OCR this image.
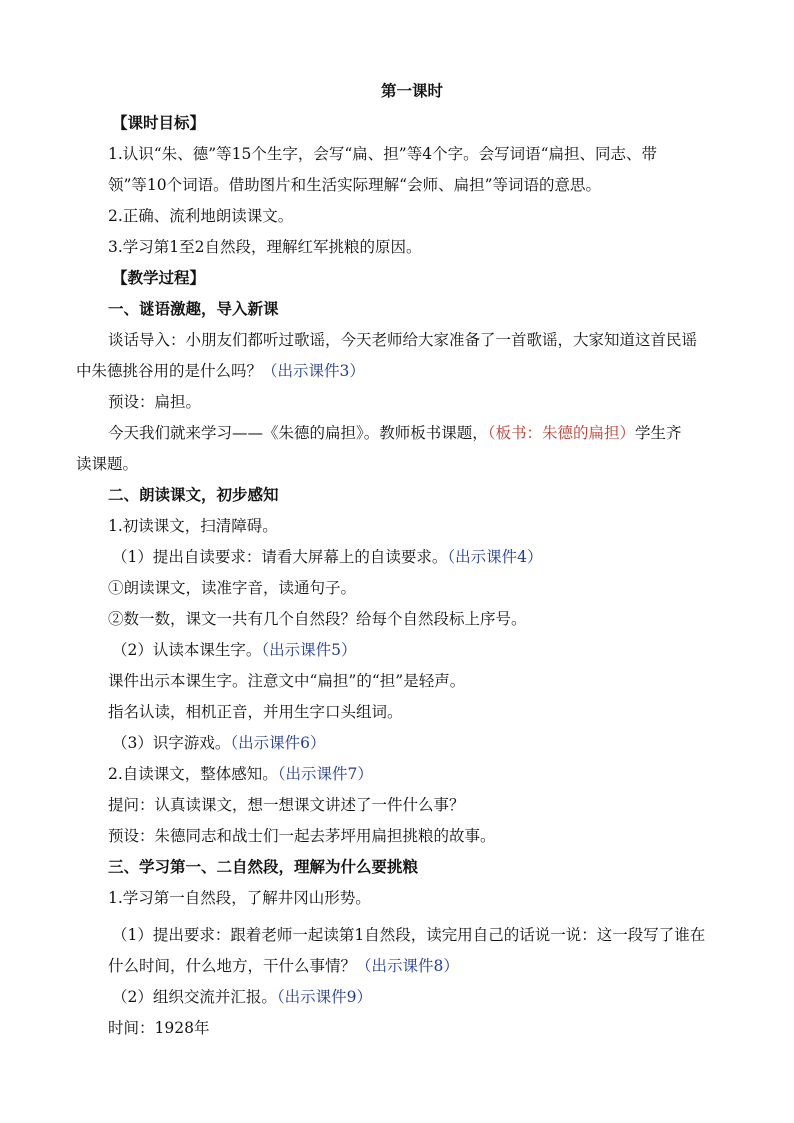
第一课时
【课时目标】
1.认识“朱、德”等15个生字，会写“扁、担”等4个字。会写词语“扁担、同志、带
领”等10个词语。借助图片和生活实际理解“会师、扁担”等词语的意思。
2.正确、流利地朗读课文。
3.学习第1至2自然段，理解红军挑粮的原因。
【教学过程】
一、谜语激趣，导入新课
谈话导入：小朋友们都听过歌谣，今天老师给大家准备了一首歌谣，大家知道这首民谣
中朱德挑谷用的是什么吗？（出示课件3）
预设：扁担。
今天我们就来学习——《朱德的扁担》。教师板书课题，（板书：朱德的扁担）学生齐
读课题。
二、朗读课文，初步感知
1.初读课文，扫清障碍。
（1）提出自读要求：请看大屏幕上的自读要求。（出示课件4）
①朗读课文，读准字音，读通句子。
②数一数，课文一共有几个自然段？给每个自然段标上序号。
（2）认读本课生字。（出示课件5）
课件出示本课生字。注意文中“扁担”的“担”是轻声。
指名认读，相机正音，并用生字口头组词。
（3）识字游戏。（出示课件6）
2.自读课文，整体感知。（出示课件7）
提问：认真读课文，想一想课文讲述了一件什么事？
预设：朱德同志和战士们一起去茅坪用扁担挑粮的故事。
三、学习第一、二自然段，理解为什么要挑粮
1.学习第一自然段，了解井冈山形势。
（1）提出要求：跟着老师一起读第1自然段，读完用自己的话说一说：这一段写了谁在
什么时间，什么地方，干什么事情？（出示课件8）
（2）组织交流并汇报。（出示课件9）
时间：1928年
